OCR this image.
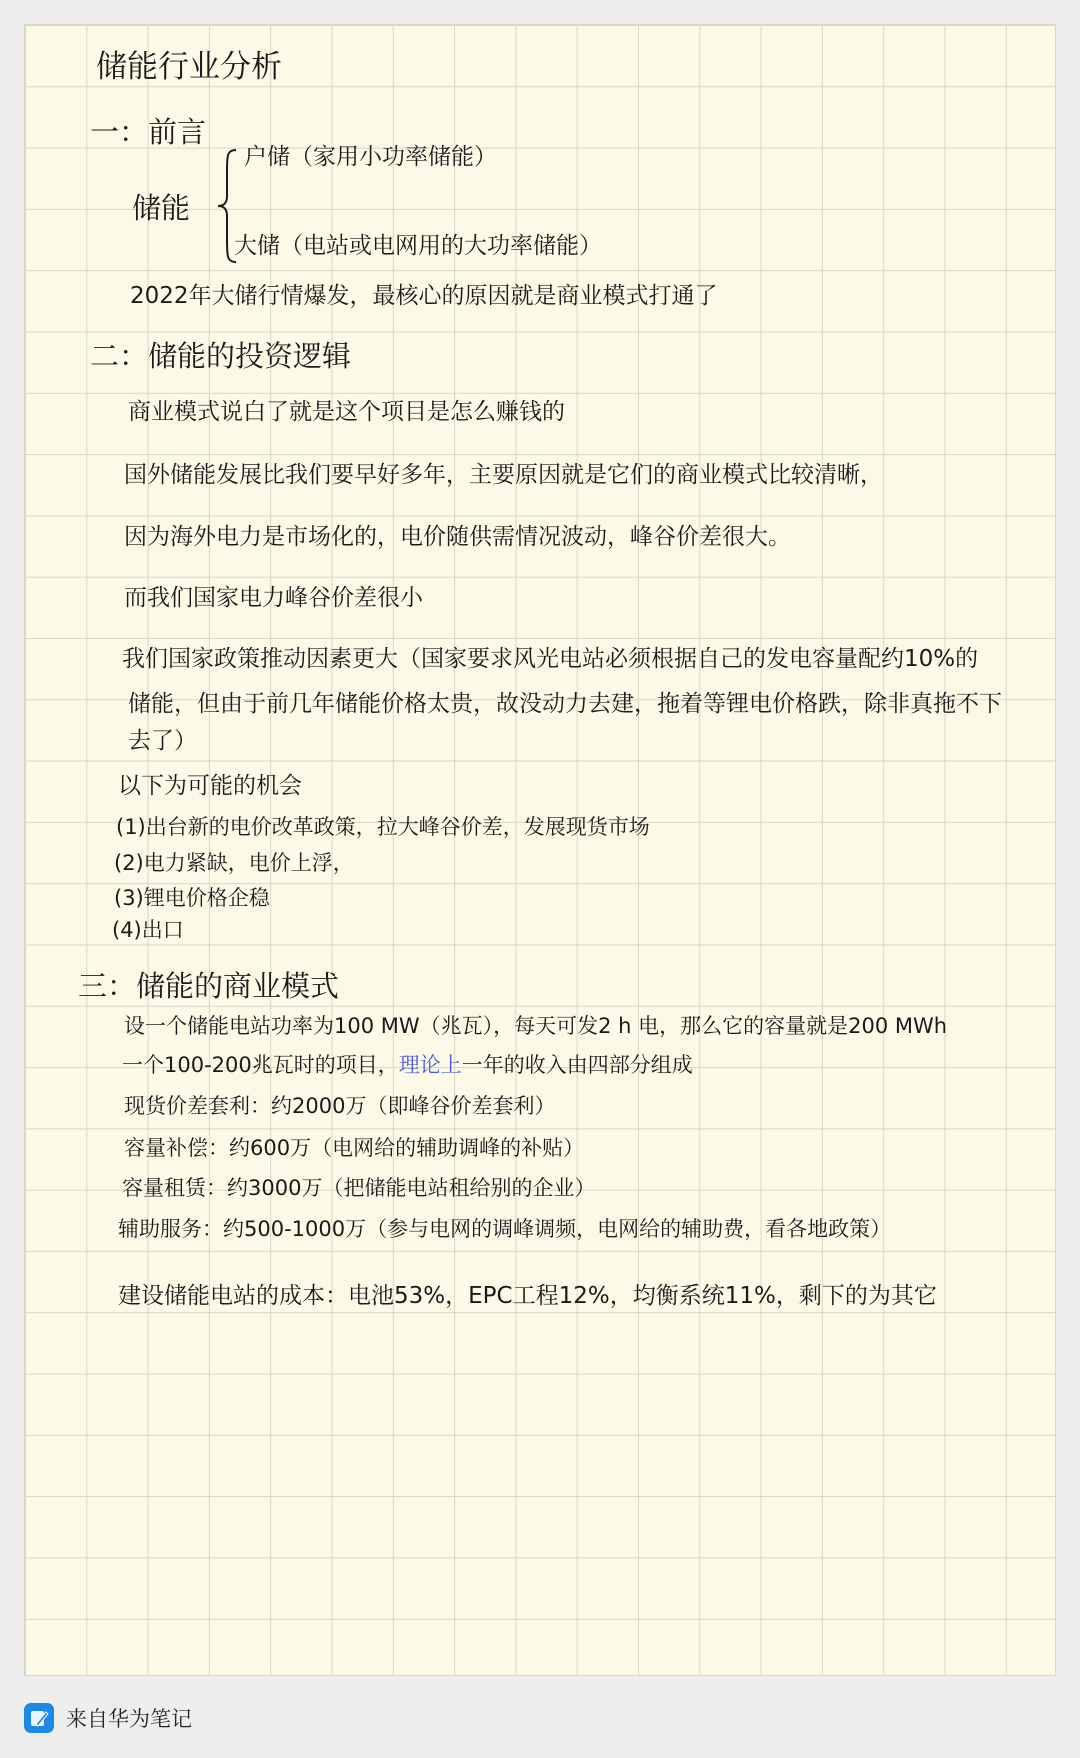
储能行业分析
一：前言
储能
户储（家用小功率储能）
大储（电站或电网用的大功率储能）
2022年大储行情爆发，最核心的原因就是商业模式打通了
二：储能的投资逻辑
商业模式说白了就是这个项目是怎么赚钱的
国外储能发展比我们要早好多年，主要原因就是它们的商业模式比较清晰，
因为海外电力是市场化的，电价随供需情况波动，峰谷价差很大。
而我们国家电力峰谷价差很小
我们国家政策推动因素更大（国家要求风光电站必须根据自己的发电容量配约10%的
储能，但由于前几年储能价格太贵，故没动力去建，拖着等锂电价格跌，除非真拖不下
去了）
以下为可能的机会
(1)出台新的电价改革政策，拉大峰谷价差，发展现货市场
(2)电力紧缺，电价上浮，
(3)锂电价格企稳
(4)出口
三：储能的商业模式
设一个储能电站功率为100 MW（兆瓦），每天可发2 h 电，那么它的容量就是200 MWh
一个100-200兆瓦时的项目，理论上一年的收入由四部分组成
现货价差套利：约2000万（即峰谷价差套利）
容量补偿：约600万（电网给的辅助调峰的补贴）
容量租赁：约3000万（把储能电站租给别的企业）
辅助服务：约500-1000万（参与电网的调峰调频，电网给的辅助费，看各地政策）
建设储能电站的成本：电池53%，EPC工程12%，均衡系统11%，剩下的为其它
来自华为笔记
